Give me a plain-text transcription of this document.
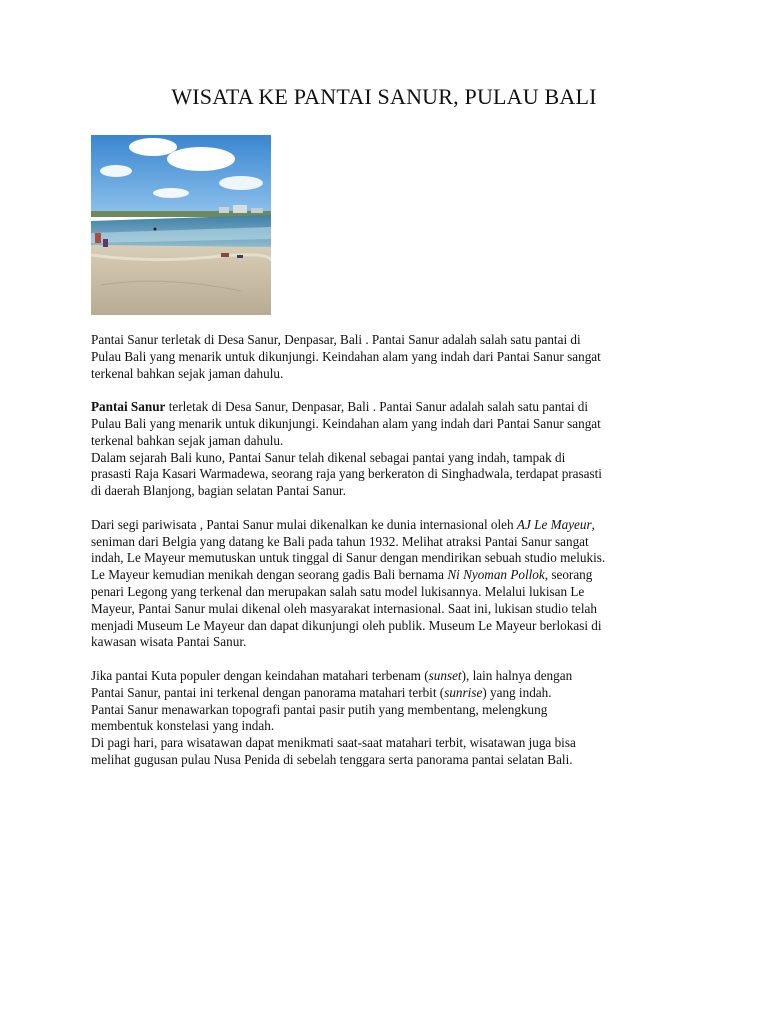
WISATA KE PANTAI SANUR, PULAU BALI

Pantai Sanur terletak di Desa Sanur, Denpasar, Bali . Pantai Sanur adalah salah satu pantai di
Pulau Bali yang menarik untuk dikunjungi. Keindahan alam yang indah dari Pantai Sanur sangat
terkenal bahkan sejak jaman dahulu.

Pantai Sanur terletak di Desa Sanur, Denpasar, Bali . Pantai Sanur adalah salah satu pantai di
Pulau Bali yang menarik untuk dikunjungi. Keindahan alam yang indah dari Pantai Sanur sangat
terkenal bahkan sejak jaman dahulu.
Dalam sejarah Bali kuno, Pantai Sanur telah dikenal sebagai pantai yang indah, tampak di
prasasti Raja Kasari Warmadewa, seorang raja yang berkeraton di Singhadwala, terdapat prasasti
di daerah Blanjong, bagian selatan Pantai Sanur.

Dari segi pariwisata , Pantai Sanur mulai dikenalkan ke dunia internasional oleh AJ Le Mayeur,
seniman dari Belgia yang datang ke Bali pada tahun 1932. Melihat atraksi Pantai Sanur sangat
indah, Le Mayeur memutuskan untuk tinggal di Sanur dengan mendirikan sebuah studio melukis.
Le Mayeur kemudian menikah dengan seorang gadis Bali bernama Ni Nyoman Pollok, seorang
penari Legong yang terkenal dan merupakan salah satu model lukisannya. Melalui lukisan Le
Mayeur, Pantai Sanur mulai dikenal oleh masyarakat internasional. Saat ini, lukisan studio telah
menjadi Museum Le Mayeur dan dapat dikunjungi oleh publik. Museum Le Mayeur berlokasi di
kawasan wisata Pantai Sanur.

Jika pantai Kuta populer dengan keindahan matahari terbenam (sunset), lain halnya dengan
Pantai Sanur, pantai ini terkenal dengan panorama matahari terbit (sunrise) yang indah.
Pantai Sanur menawarkan topografi pantai pasir putih yang membentang, melengkung
membentuk konstelasi yang indah.
Di pagi hari, para wisatawan dapat menikmati saat-saat matahari terbit, wisatawan juga bisa
melihat gugusan pulau Nusa Penida di sebelah tenggara serta panorama pantai selatan Bali.
